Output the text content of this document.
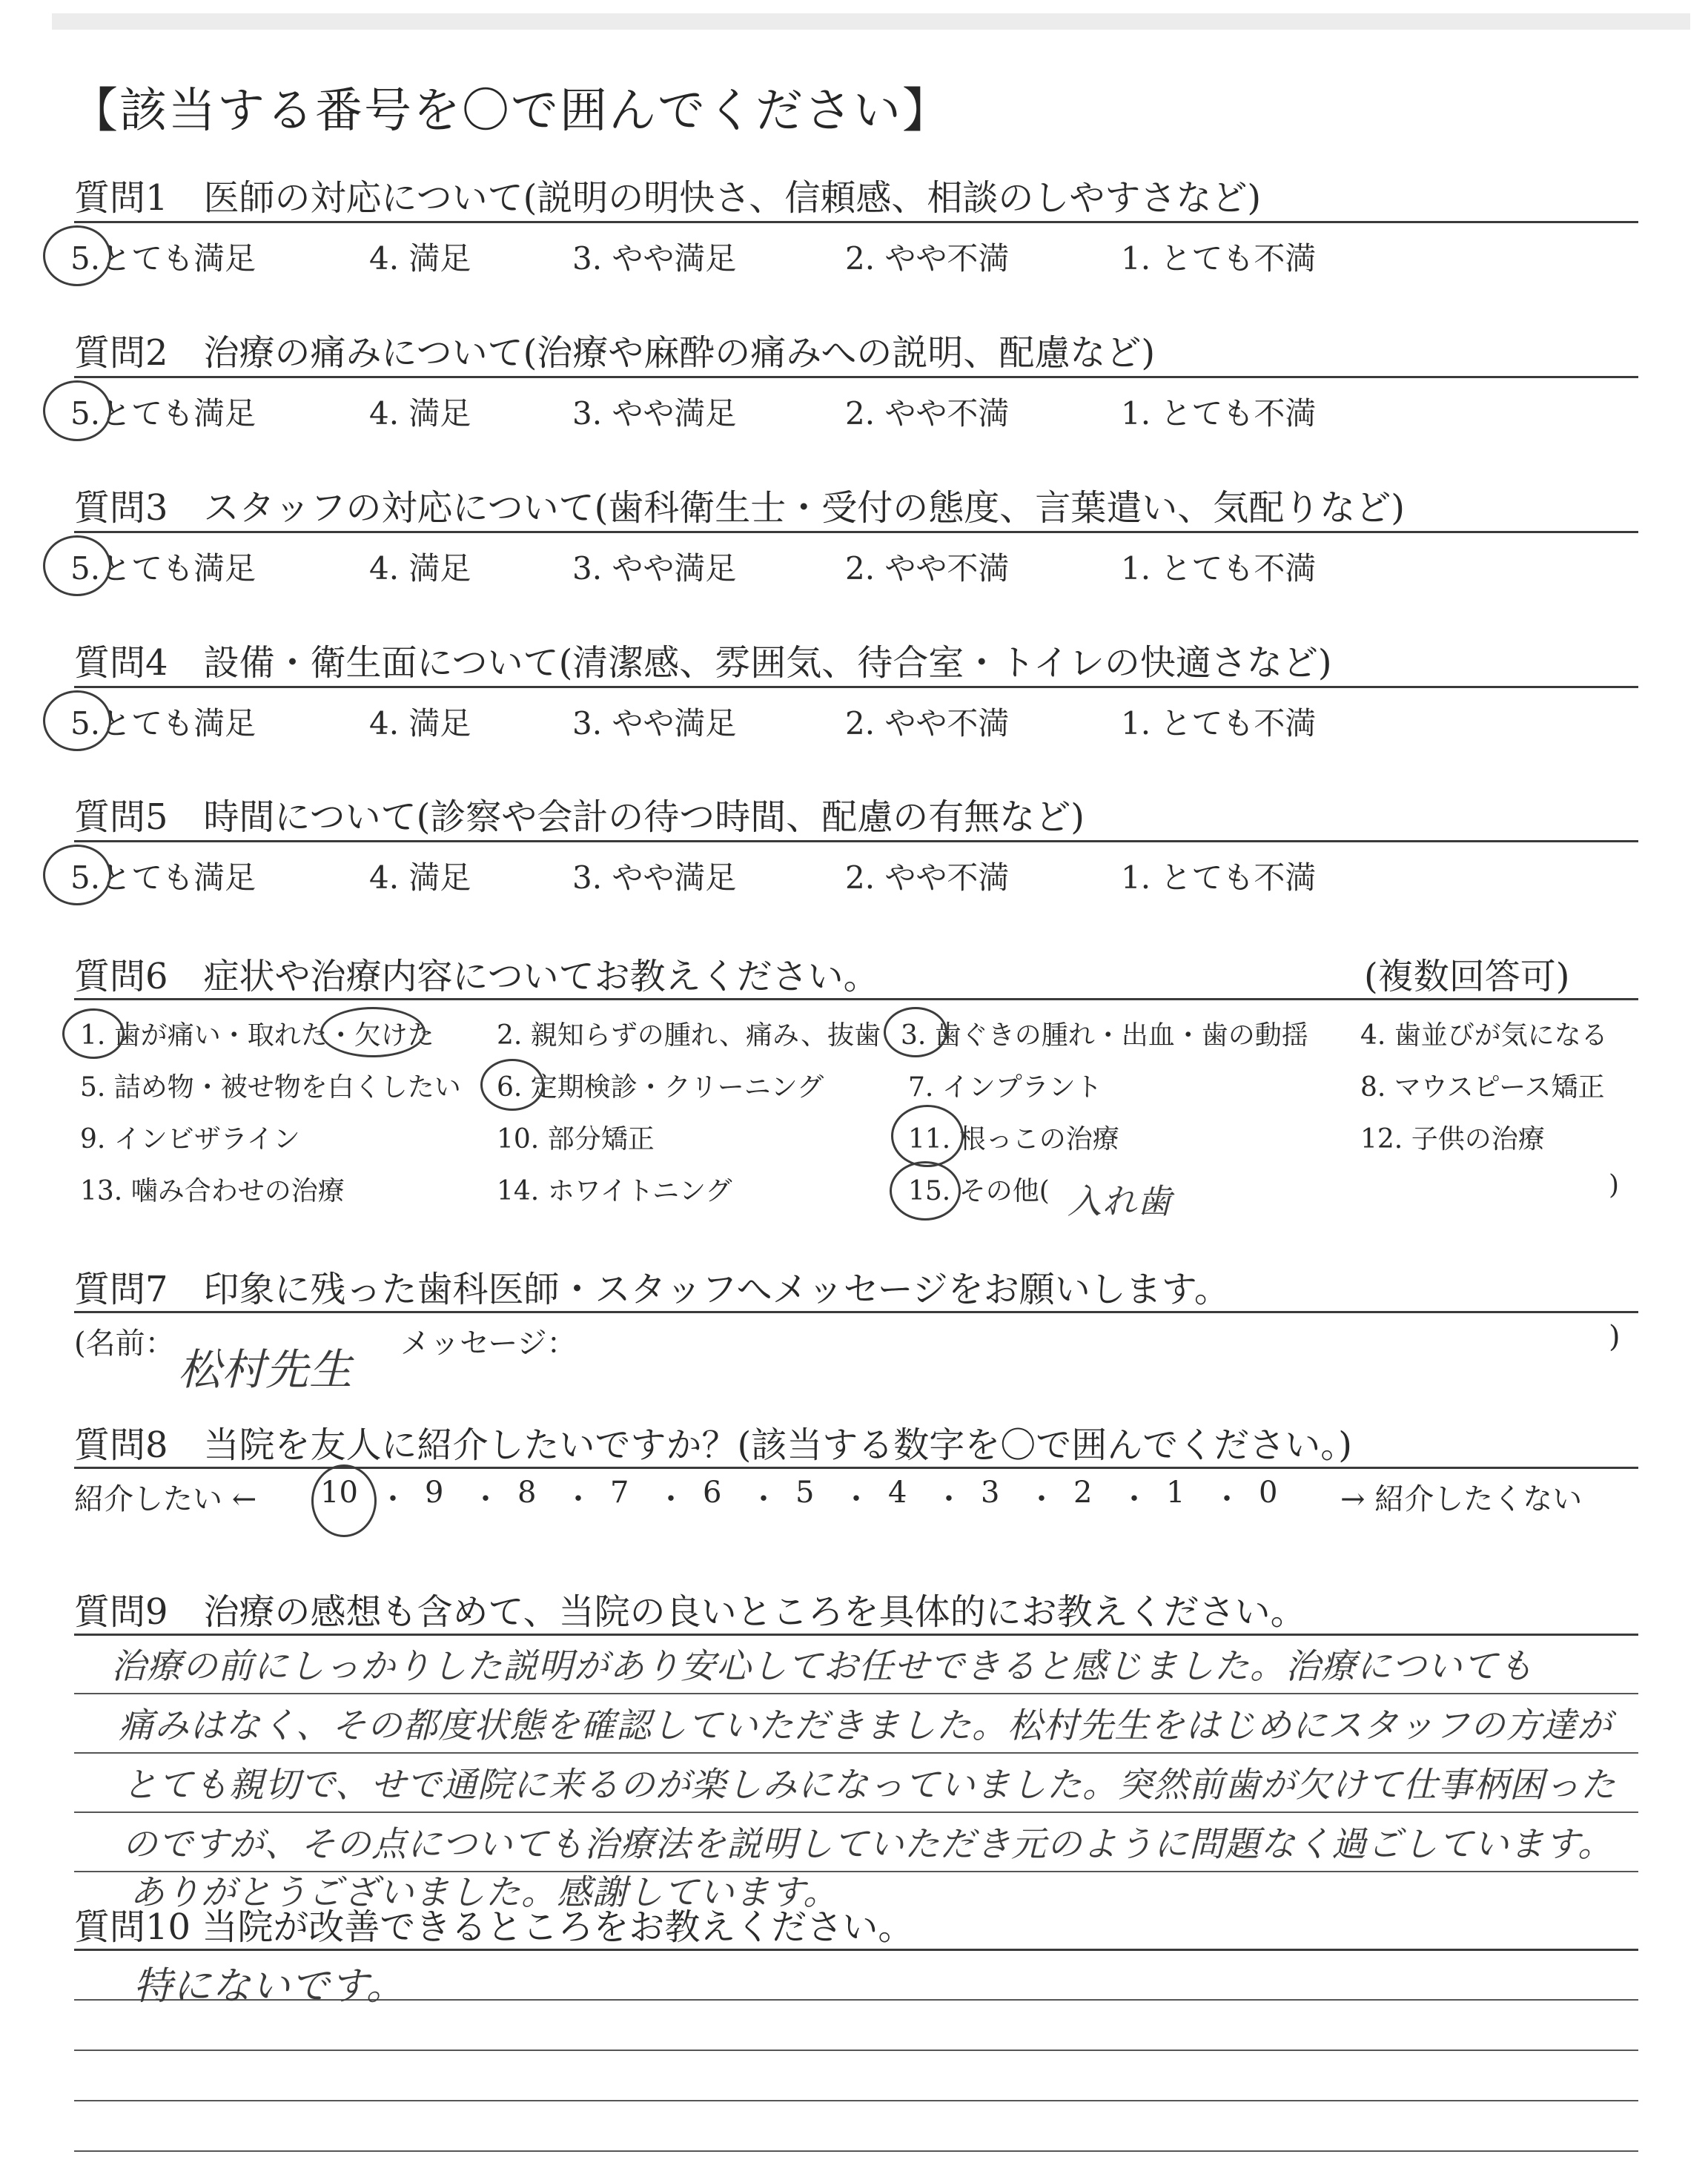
【該当する番号を〇で囲んでください】
質問1　医師の対応について(説明の明快さ、信頼感、相談のしやすさなど)
5.とても満足	4. 満足	3. やや満足	2. やや不満	1. とても不満
質問2　治療の痛みについて(治療や麻酔の痛みへの説明、配慮など)
5.とても満足	4. 満足	3. やや満足	2. やや不満	1. とても不満
質問3　スタッフの対応について(歯科衛生士・受付の態度、言葉遣い、気配りなど)
5.とても満足	4. 満足	3. やや満足	2. やや不満	1. とても不満
質問4　設備・衛生面について(清潔感、雰囲気、待合室・トイレの快適さなど)
5.とても満足	4. 満足	3. やや満足	2. やや不満	1. とても不満
質問5　時間について(診察や会計の待つ時間、配慮の有無など)
5.とても満足	4. 満足	3. やや満足	2. やや不満	1. とても不満
質問6　症状や治療内容についてお教えください。	(複数回答可)
1. 歯が痛い・取れた・欠けた 2. 親知らずの腫れ、痛み、抜歯 3. 歯ぐきの腫れ・出血・歯の動揺 4. 歯並びが気になる
5. 詰め物・被せ物を白くしたい 6. 定期検診・クリーニング	7. インプラント	8. マウスピース矯正
9. インビザライン	10. 部分矯正	11. 根っこの治療	12. 子供の治療
13. 噛み合わせの治療	14. ホワイトニング	15. その他(	)
入れ歯
質問7　印象に残った歯科医師・スタッフへメッセージをお願いします。
(名前：	メッセージ：	)
松村先生
質問8　当院を友人に紹介したいですか？(該当する数字を〇で囲んでください。)
紹介したい ← 10 ・ 9 ・ 8 ・ 7 ・ 6 ・ 5 ・ 4 ・ 3 ・ 2 ・ 1 ・ 0 → 紹介したくない
質問9　治療の感想も含めて、当院の良いところを具体的にお教えください。
治療の前にしっかりした説明があり安心してお任せできると感じました。治療についても
痛みはなく、その都度状態を確認していただきました。松村先生をはじめにスタッフの方達が
とても親切で、せで通院に来るのが楽しみになっていました。突然前歯が欠けて仕事柄困った
のですが、その点についても治療法を説明していただき元のように問題なく過ごしています。
ありがとうございました。感謝しています。
質問10 当院が改善できるところをお教えください。
特にないです。
